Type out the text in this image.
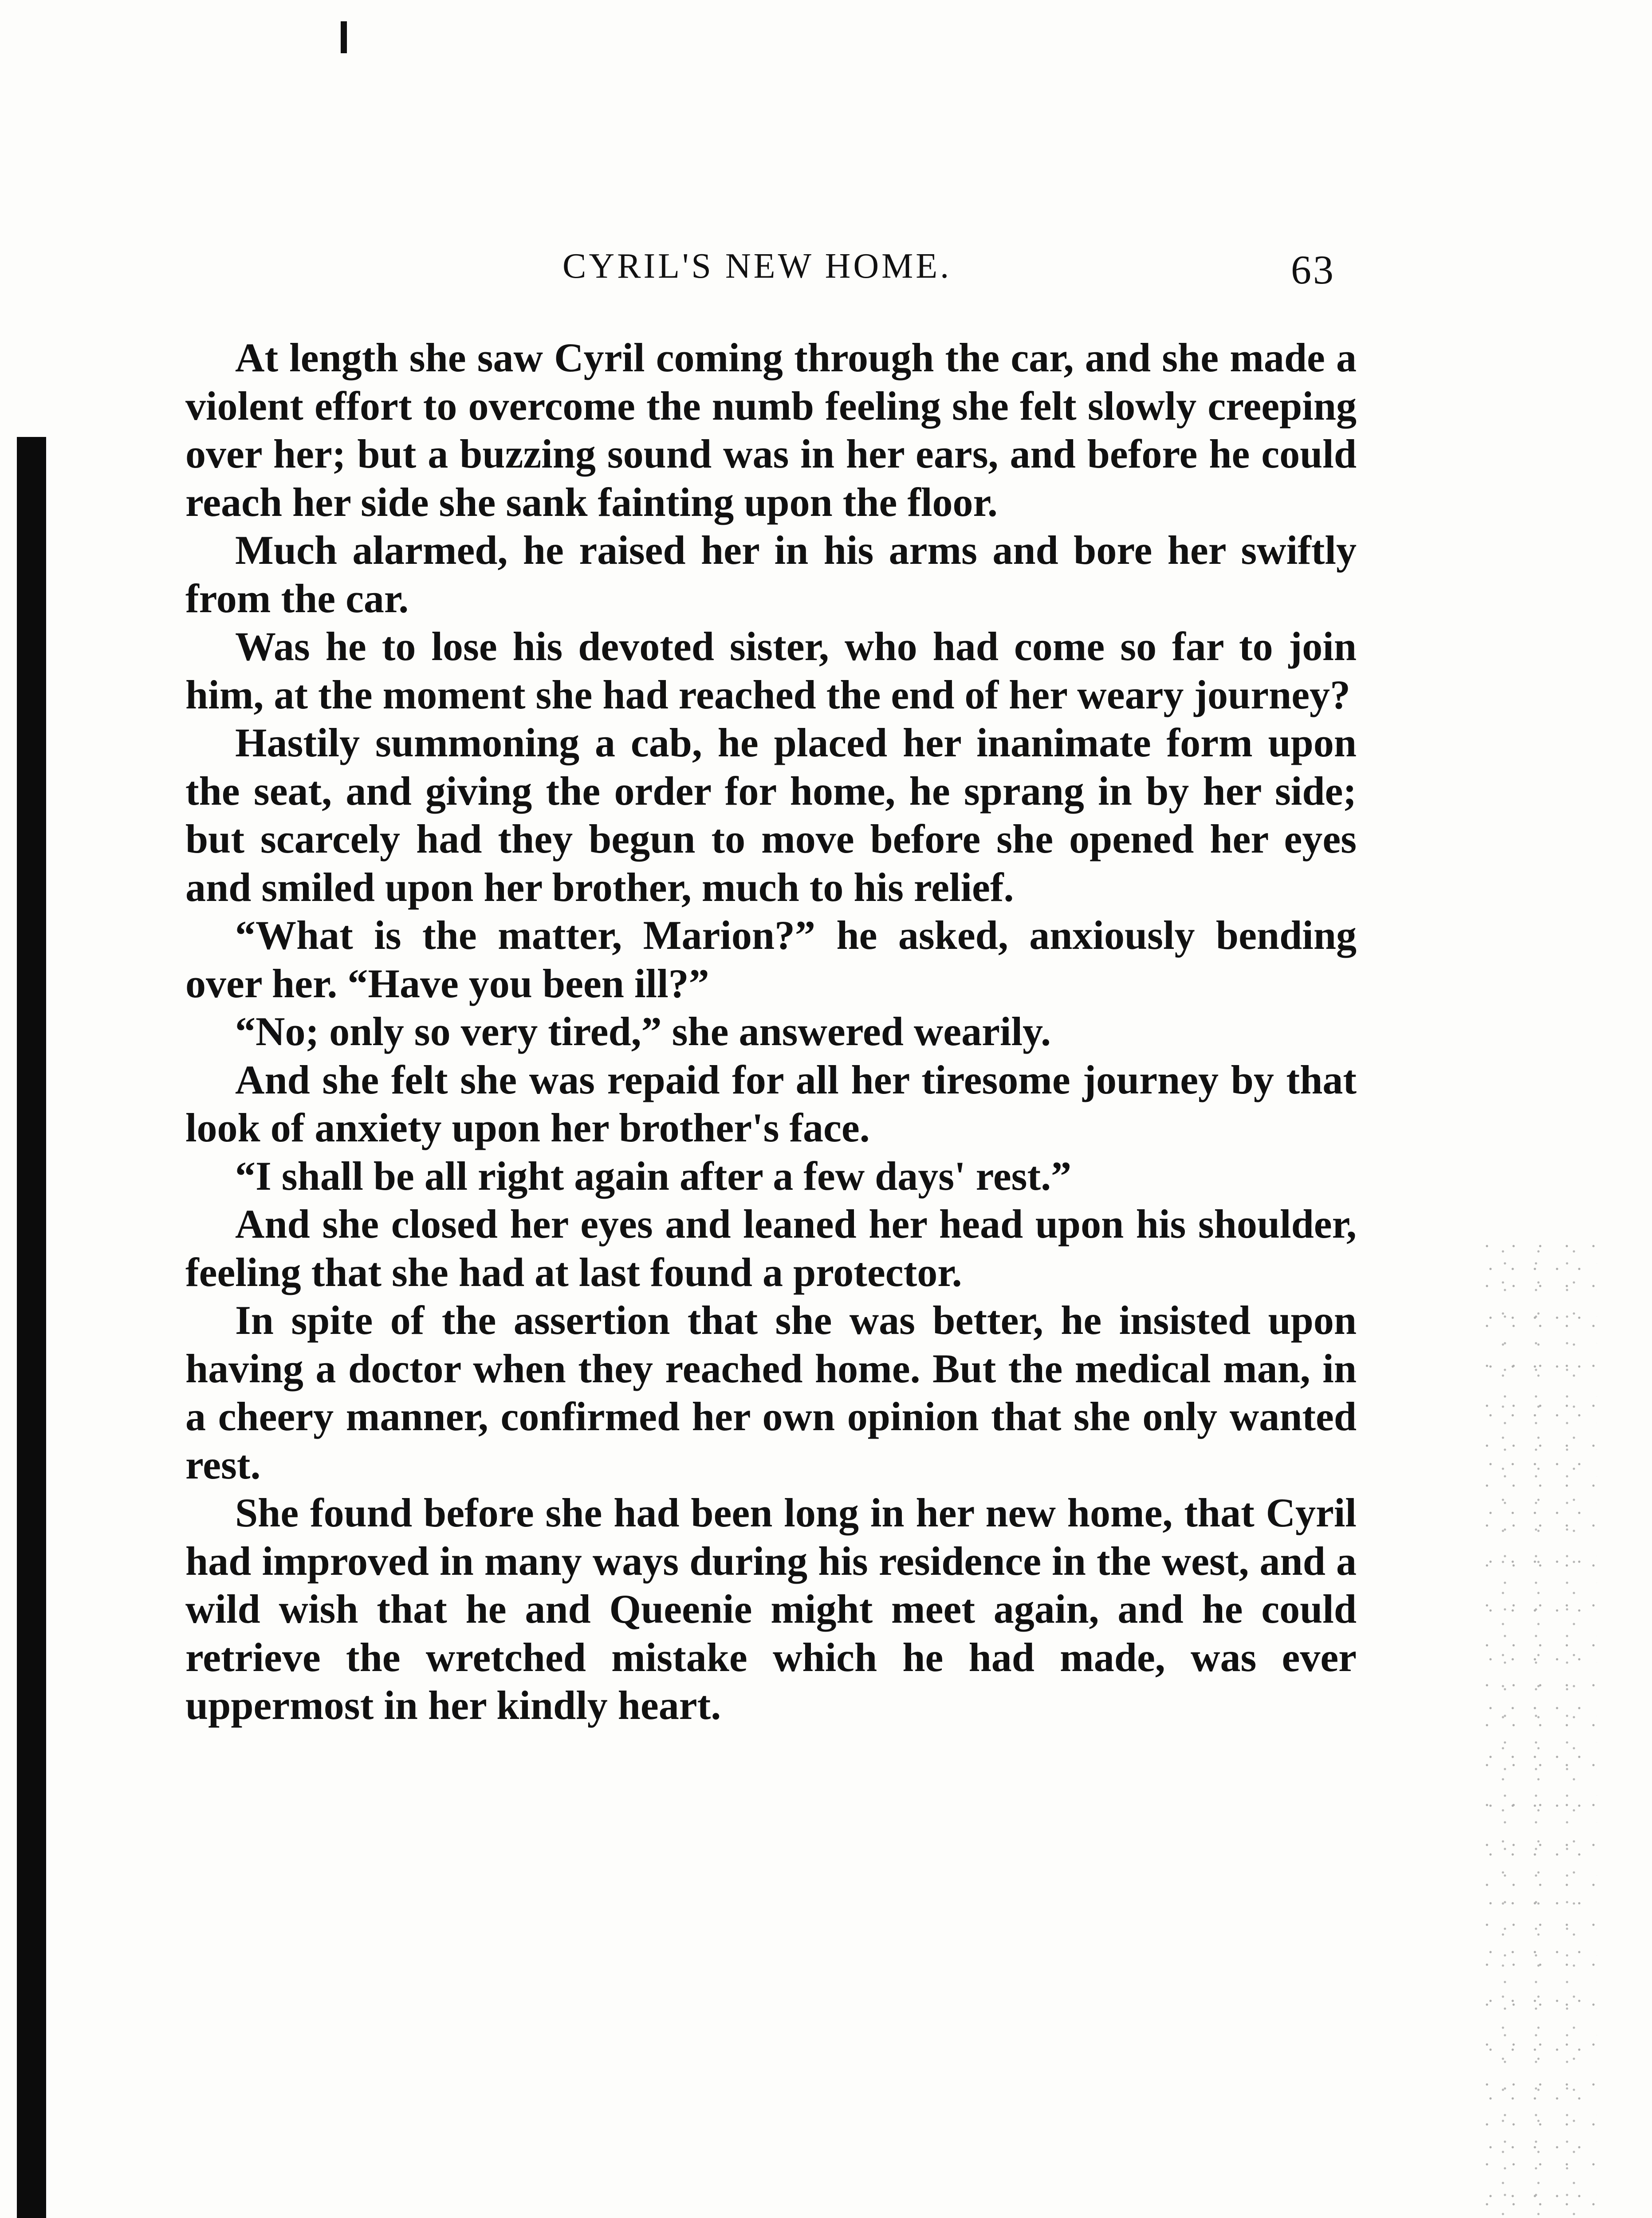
CYRIL'S NEW HOME.	63

At length she saw Cyril coming through the car, and she made a violent effort to overcome the numb feeling she felt slowly creeping over her; but a buzzing sound was in her ears, and before he could reach her side she sank fainting upon the floor.

Much alarmed, he raised her in his arms and bore her swiftly from the car.

Was he to lose his devoted sister, who had come so far to join him, at the moment she had reached the end of her weary journey?

Hastily summoning a cab, he placed her inanimate form upon the seat, and giving the order for home, he sprang in by her side; but scarcely had they begun to move before she opened her eyes and smiled upon her brother, much to his relief.

“What is the matter, Marion?” he asked, anxiously bending over her. “Have you been ill?”

“No; only so very tired,” she answered wearily.

And she felt she was repaid for all her tiresome journey by that look of anxiety upon her brother's face.

“I shall be all right again after a few days' rest.”

And she closed her eyes and leaned her head upon his shoulder, feeling that she had at last found a protector.

In spite of the assertion that she was better, he insisted upon having a doctor when they reached home. But the medical man, in a cheery manner, confirmed her own opinion that she only wanted rest.

She found before she had been long in her new home, that Cyril had improved in many ways during his residence in the west, and a wild wish that he and Queenie might meet again, and he could retrieve the wretched mistake which he had made, was ever uppermost in her kindly heart.
